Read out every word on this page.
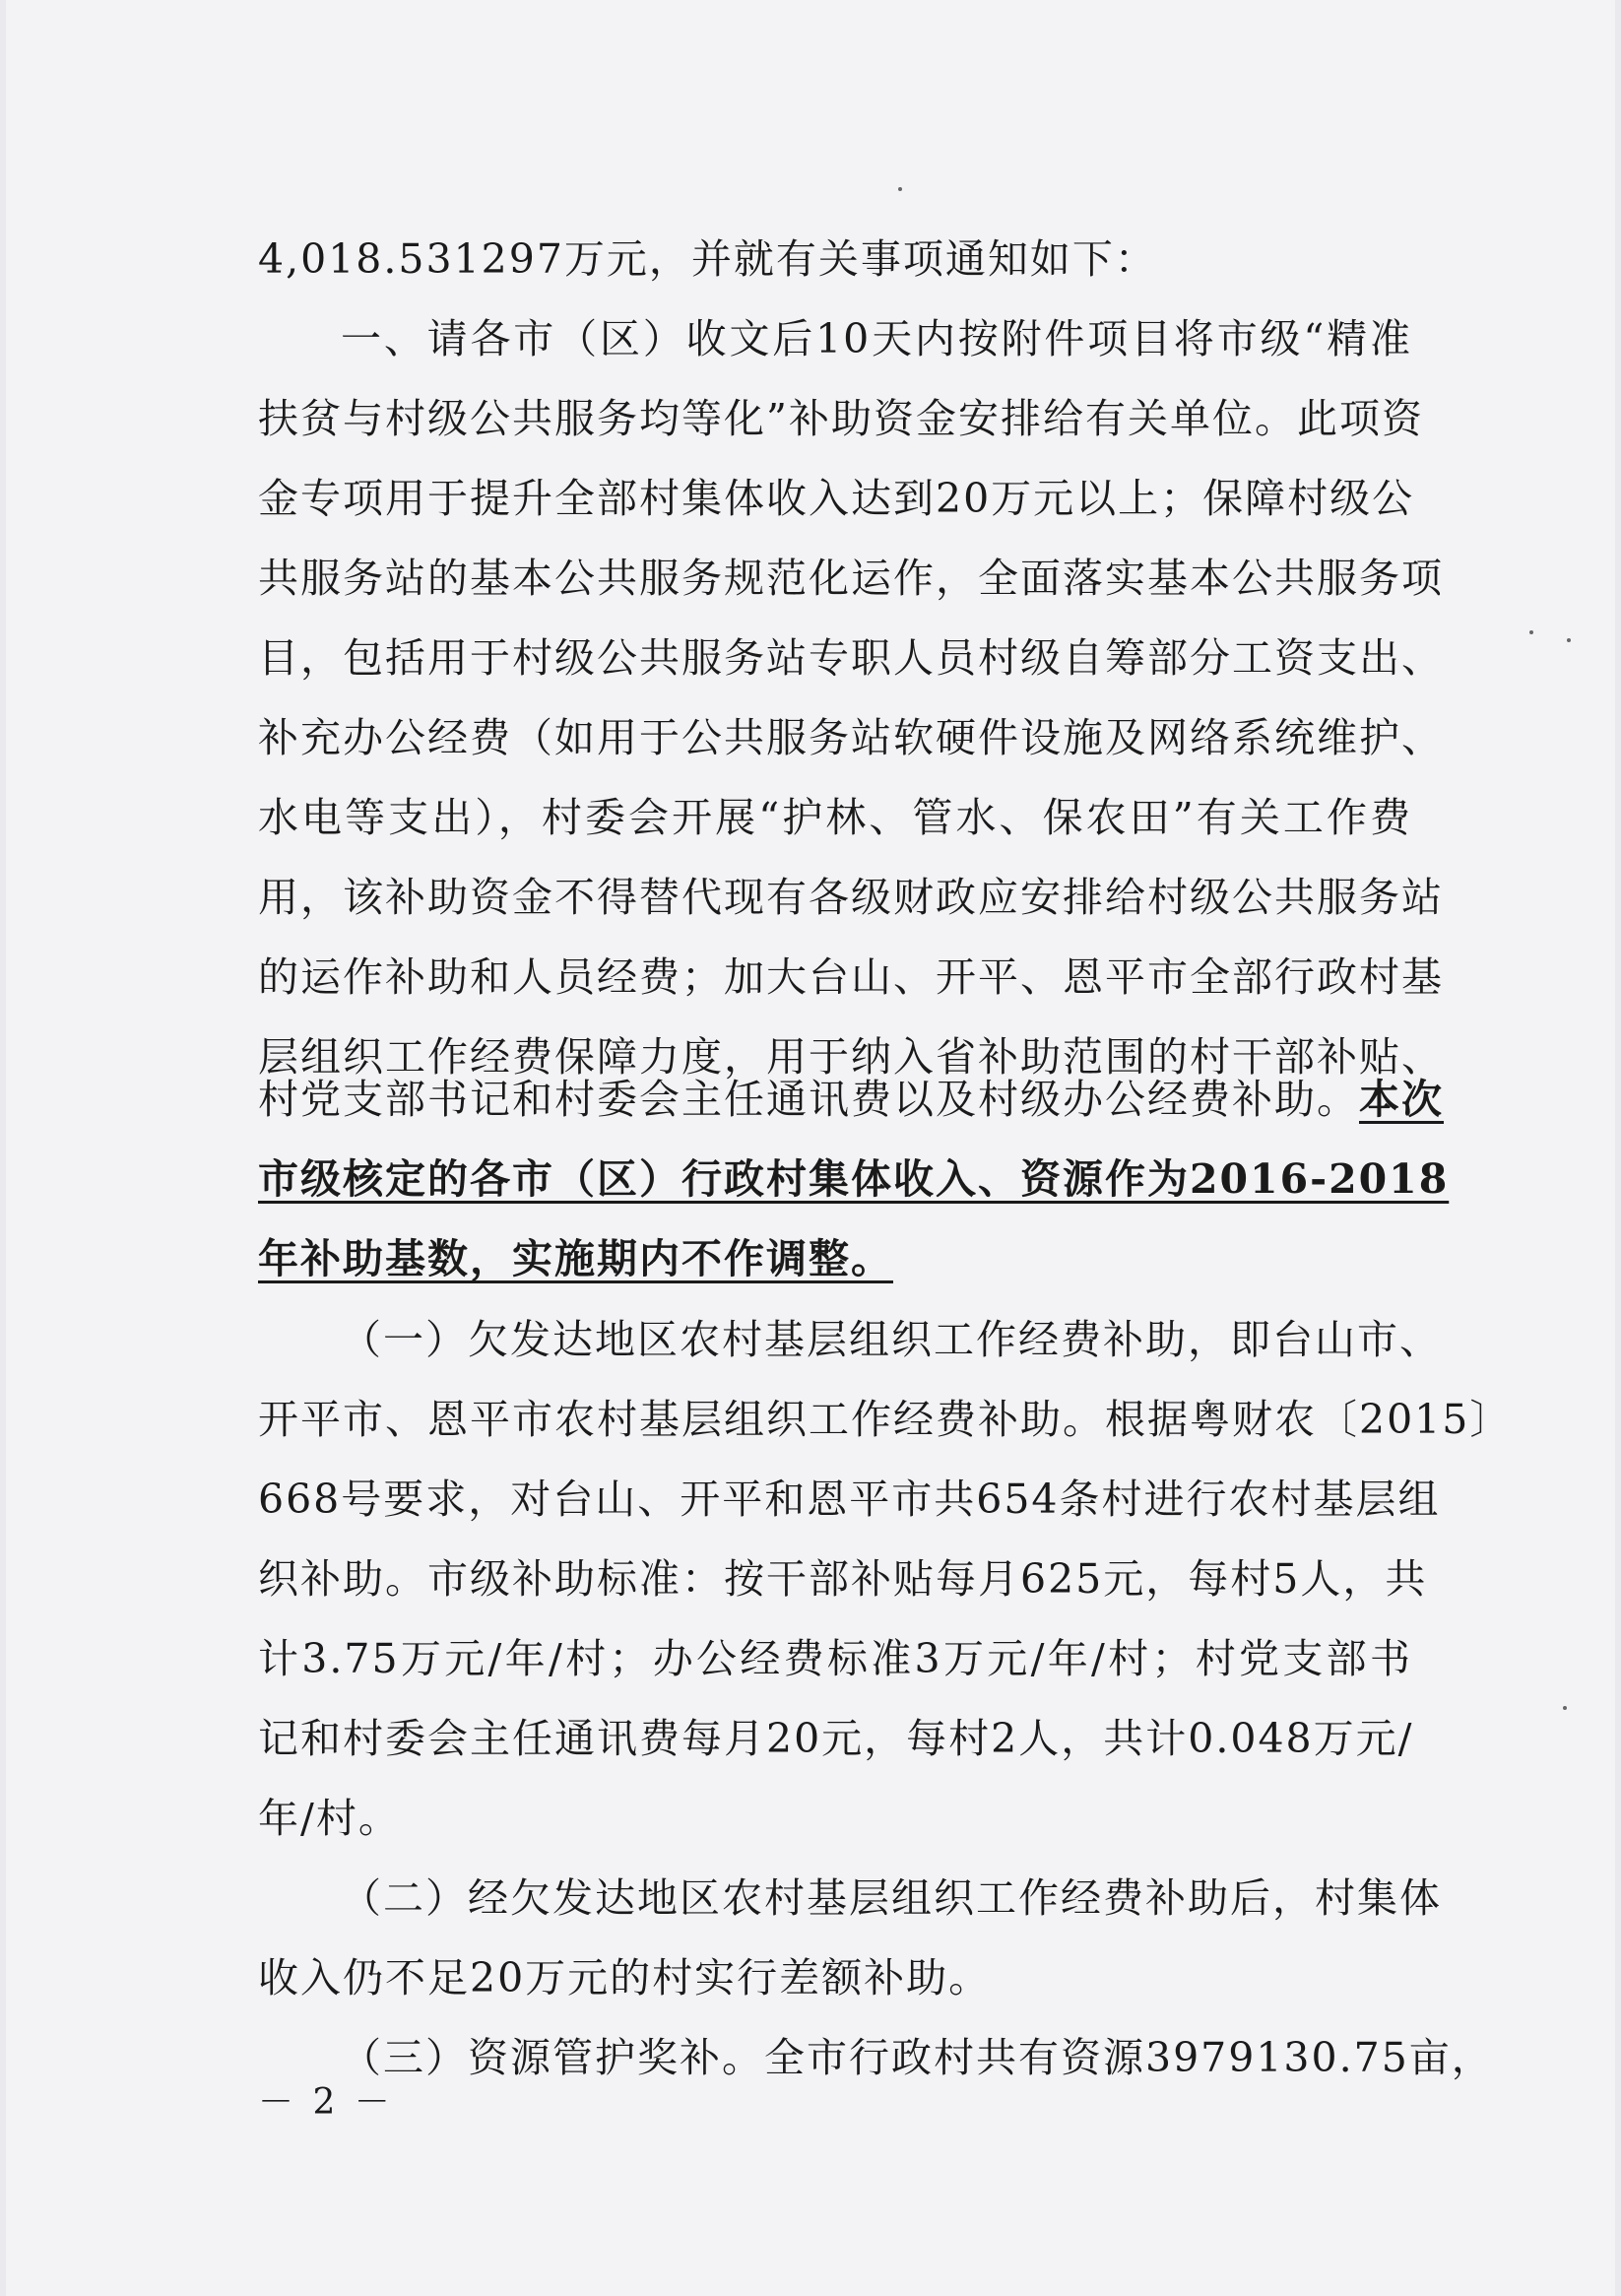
4,018.531297万元，并就有关事项通知如下：
一、请各市（区）收文后10天内按附件项目将市级“精准
扶贫与村级公共服务均等化”补助资金安排给有关单位。此项资
金专项用于提升全部村集体收入达到20万元以上；保障村级公
共服务站的基本公共服务规范化运作，全面落实基本公共服务项
目，包括用于村级公共服务站专职人员村级自筹部分工资支出、
补充办公经费（如用于公共服务站软硬件设施及网络系统维护、
水电等支出），村委会开展“护林、管水、保农田”有关工作费
用，该补助资金不得替代现有各级财政应安排给村级公共服务站
的运作补助和人员经费；加大台山、开平、恩平市全部行政村基
层组织工作经费保障力度，用于纳入省补助范围的村干部补贴、
村党支部书记和村委会主任通讯费以及村级办公经费补助。 本次
市级核定的各市（区）行政村集体收入、资源作为2016-2018
年补助基数，实施期内不作调整。
（一）欠发达地区农村基层组织工作经费补助，即台山市、
开平市、恩平市农村基层组织工作经费补助。根据粤财农〔2015〕
668号要求，对台山、开平和恩平市共654条村进行农村基层组
织补助。市级补助标准：按干部补贴每月625元，每村5人，共
计3.75万元/年/村；办公经费标准3万元/年/村；村党支部书
记和村委会主任通讯费每月20元，每村2人，共计0.048万元/
年/村。
（二）经欠发达地区农村基层组织工作经费补助后，村集体
收入仍不足20万元的村实行差额补助。
（三）资源管护奖补。全市行政村共有资源3979130.75亩，
－ 2 －
